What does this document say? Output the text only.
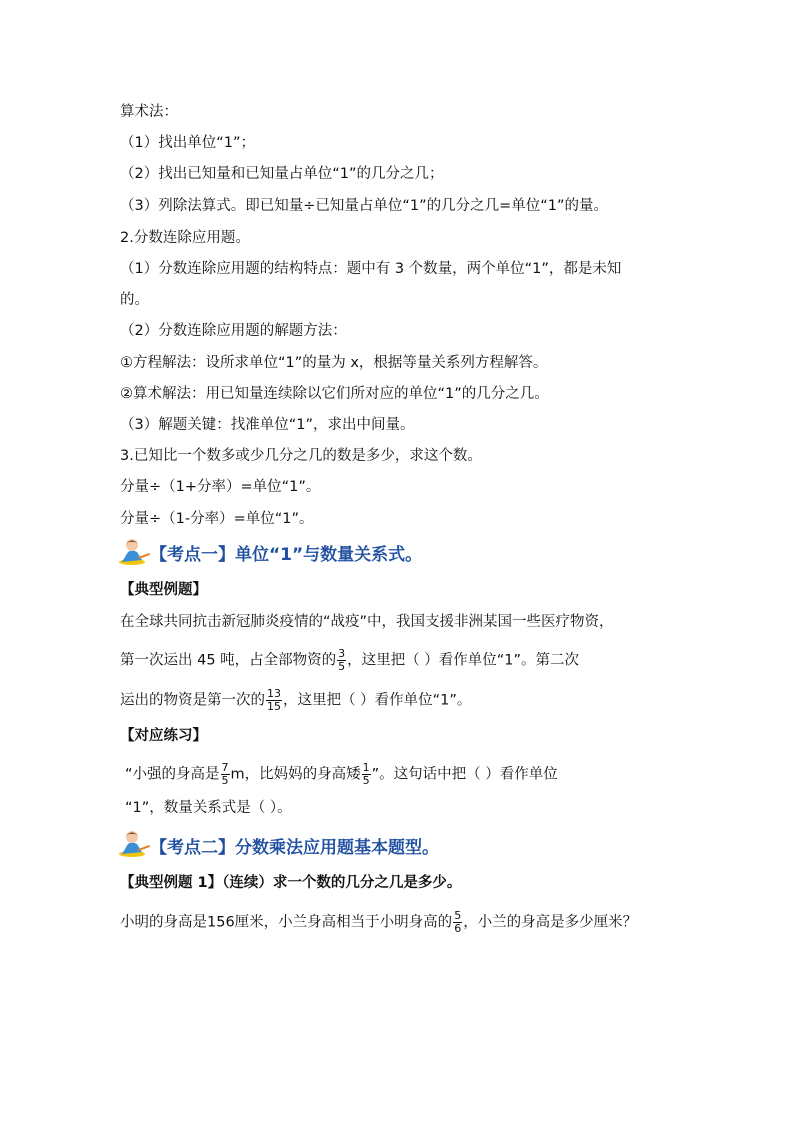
算术法：
（1）找出单位“1”；
（2）找出已知量和已知量占单位“1”的几分之几；
（3）列除法算式。即已知量÷已知量占单位“1”的几分之几=单位“1”的量。
2.分数连除应用题。
（1）分数连除应用题的结构特点：题中有 3 个数量，两个单位“1”，都是未知
的。
（2）分数连除应用题的解题方法：
①方程解法：设所求单位“1”的量为 x，根据等量关系列方程解答。
②算术解法：用已知量连续除以它们所对应的单位“1”的几分之几。
（3）解题关键：找准单位“1”，求出中间量。
3.已知比一个数多或少几分之几的数是多少，求这个数。
分量÷（1+分率）=单位“1”。
分量÷（1-分率）=单位“1”。
【考点一】单位“1”与数量关系式。
【典型例题】
在全球共同抗击新冠肺炎疫情的“战疫”中，我国支援非洲某国一些医疗物资，
第一次运出 45 吨，占全部物资的 $\frac{3}{5}$ ，这里把（ ）看作单位“1”。第二次
运出的物资是第一次的 $\frac{13}{15}$ ，这里把（ ）看作单位“1”。
【对应练习】
“小强的身高是 $\frac{7}{5}$ m，比妈妈的身高矮 $\frac{1}{5}$ ”。这句话中把（ ）看作单位
“1”，数量关系式是（ ）。
【考点二】分数乘法应用题基本题型。
【典型例题 1】（连续）求一个数的几分之几是多少。
小明的身高是156厘米，小兰身高相当于小明身高的 $\frac{5}{6}$ ，小兰的身高是多少厘米？
